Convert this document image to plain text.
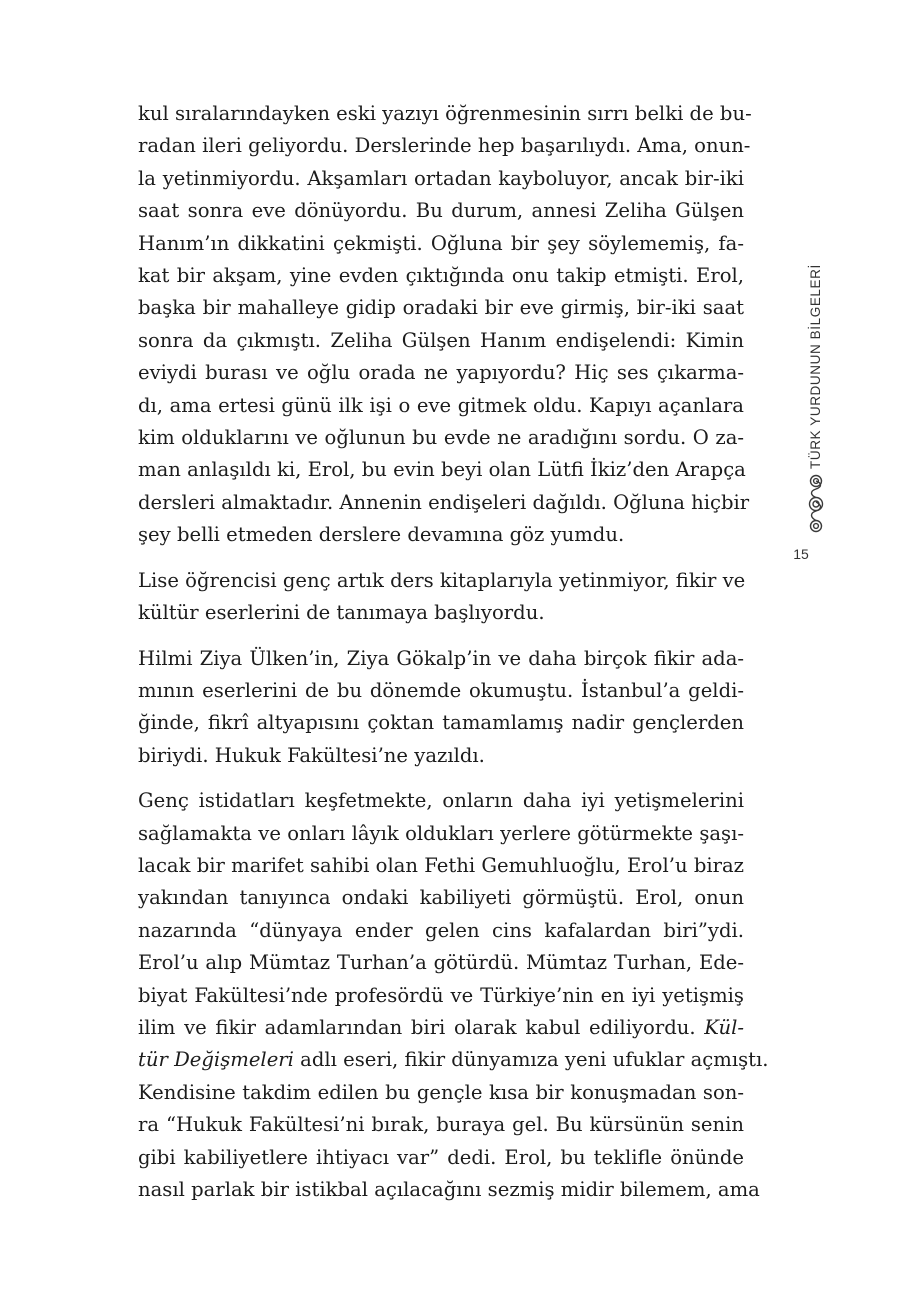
kul sıralarındayken eski yazıyı öğrenmesinin sırrı belki de bu-
radan ileri geliyordu. Derslerinde hep başarılıydı. Ama, onun-
la yetinmiyordu. Akşamları ortadan kayboluyor, ancak bir-iki
saat sonra eve dönüyordu. Bu durum, annesi Zeliha Gülşen
Hanım’ın dikkatini çekmişti. Oğluna bir şey söylememiş, fa-
kat bir akşam, yine evden çıktığında onu takip etmişti. Erol,
başka bir mahalleye gidip oradaki bir eve girmiş, bir-iki saat
sonra da çıkmıştı. Zeliha Gülşen Hanım endişelendi: Kimin
eviydi burası ve oğlu orada ne yapıyordu? Hiç ses çıkarma-
dı, ama ertesi günü ilk işi o eve gitmek oldu. Kapıyı açanlara
kim olduklarını ve oğlunun bu evde ne aradığını sordu. O za-
man anlaşıldı ki, Erol, bu evin beyi olan Lütfi İkiz’den Arapça
dersleri almaktadır. Annenin endişeleri dağıldı. Oğluna hiçbir
şey belli etmeden derslere devamına göz yumdu.

Lise öğrencisi genç artık ders kitaplarıyla yetinmiyor, fikir ve
kültür eserlerini de tanımaya başlıyordu.

Hilmi Ziya Ülken’in, Ziya Gökalp’in ve daha birçok fikir ada-
mının eserlerini de bu dönemde okumuştu. İstanbul’a geldi-
ğinde, fikrî altyapısını çoktan tamamlamış nadir gençlerden
biriydi. Hukuk Fakültesi’ne yazıldı.

Genç istidatları keşfetmekte, onların daha iyi yetişmelerini
sağlamakta ve onları lâyık oldukları yerlere götürmekte şaşı-
lacak bir marifet sahibi olan Fethi Gemuhluoğlu, Erol’u biraz
yakından tanıyınca ondaki kabiliyeti görmüştü. Erol, onun
nazarında “dünyaya ender gelen cins kafalardan biri”ydi.
Erol’u alıp Mümtaz Turhan’a götürdü. Mümtaz Turhan, Ede-
biyat Fakültesi’nde profesördü ve Türkiye’nin en iyi yetişmiş
ilim ve fikir adamlarından biri olarak kabul ediliyordu. Kül-
tür Değişmeleri adlı eseri, fikir dünyamıza yeni ufuklar açmıştı.
Kendisine takdim edilen bu gençle kısa bir konuşmadan son-
ra “Hukuk Fakültesi’ni bırak, buraya gel. Bu kürsünün senin
gibi kabiliyetlere ihtiyacı var” dedi. Erol, bu teklifle önünde
nasıl parlak bir istikbal açılacağını sezmiş midir bilemem, ama

TÜRK YURDUNUN BİLGELERİ
15
